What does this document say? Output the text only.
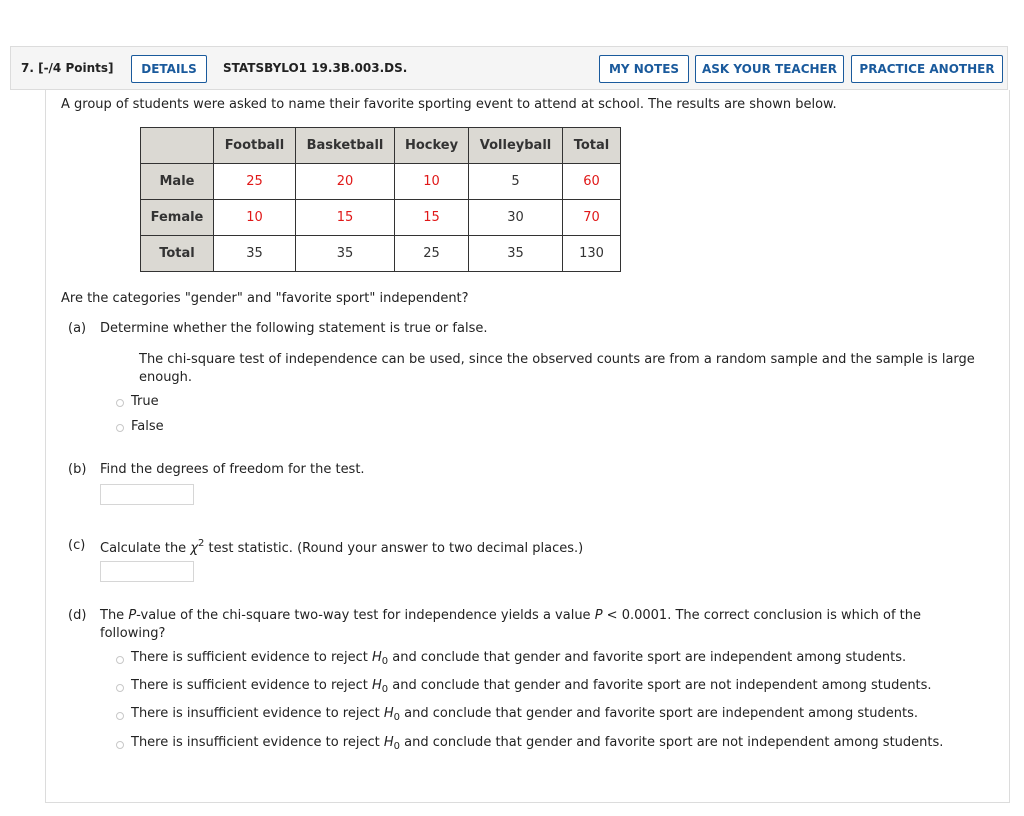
7. [-/4 Points]	DETAILS	STATSBYLO1 19.3B.003.DS.	MY NOTES	ASK YOUR TEACHER	PRACTICE ANOTHER
A group of students were asked to name their favorite sporting event to attend at school. The results are shown below.
	Football	Basketball	Hockey	Volleyball	Total
Male	25	20	10	5	60
Female	10	15	15	30	70
Total	35	35	25	35	130
Are the categories "gender" and "favorite sport" independent?
(a) Determine whether the following statement is true or false.
The chi-square test of independence can be used, since the observed counts are from a random sample and the sample is large
enough.
True
False
(b) Find the degrees of freedom for the test.
(c) Calculate the $\chi^2$ test statistic. (Round your answer to two decimal places.)
(d) The P-value of the chi-square two-way test for independence yields a value P < 0.0001. The correct conclusion is which of the
following?
There is sufficient evidence to reject $H_0$ and conclude that gender and favorite sport are independent among students.
There is sufficient evidence to reject $H_0$ and conclude that gender and favorite sport are not independent among students.
There is insufficient evidence to reject $H_0$ and conclude that gender and favorite sport are independent among students.
There is insufficient evidence to reject $H_0$ and conclude that gender and favorite sport are not independent among students.
